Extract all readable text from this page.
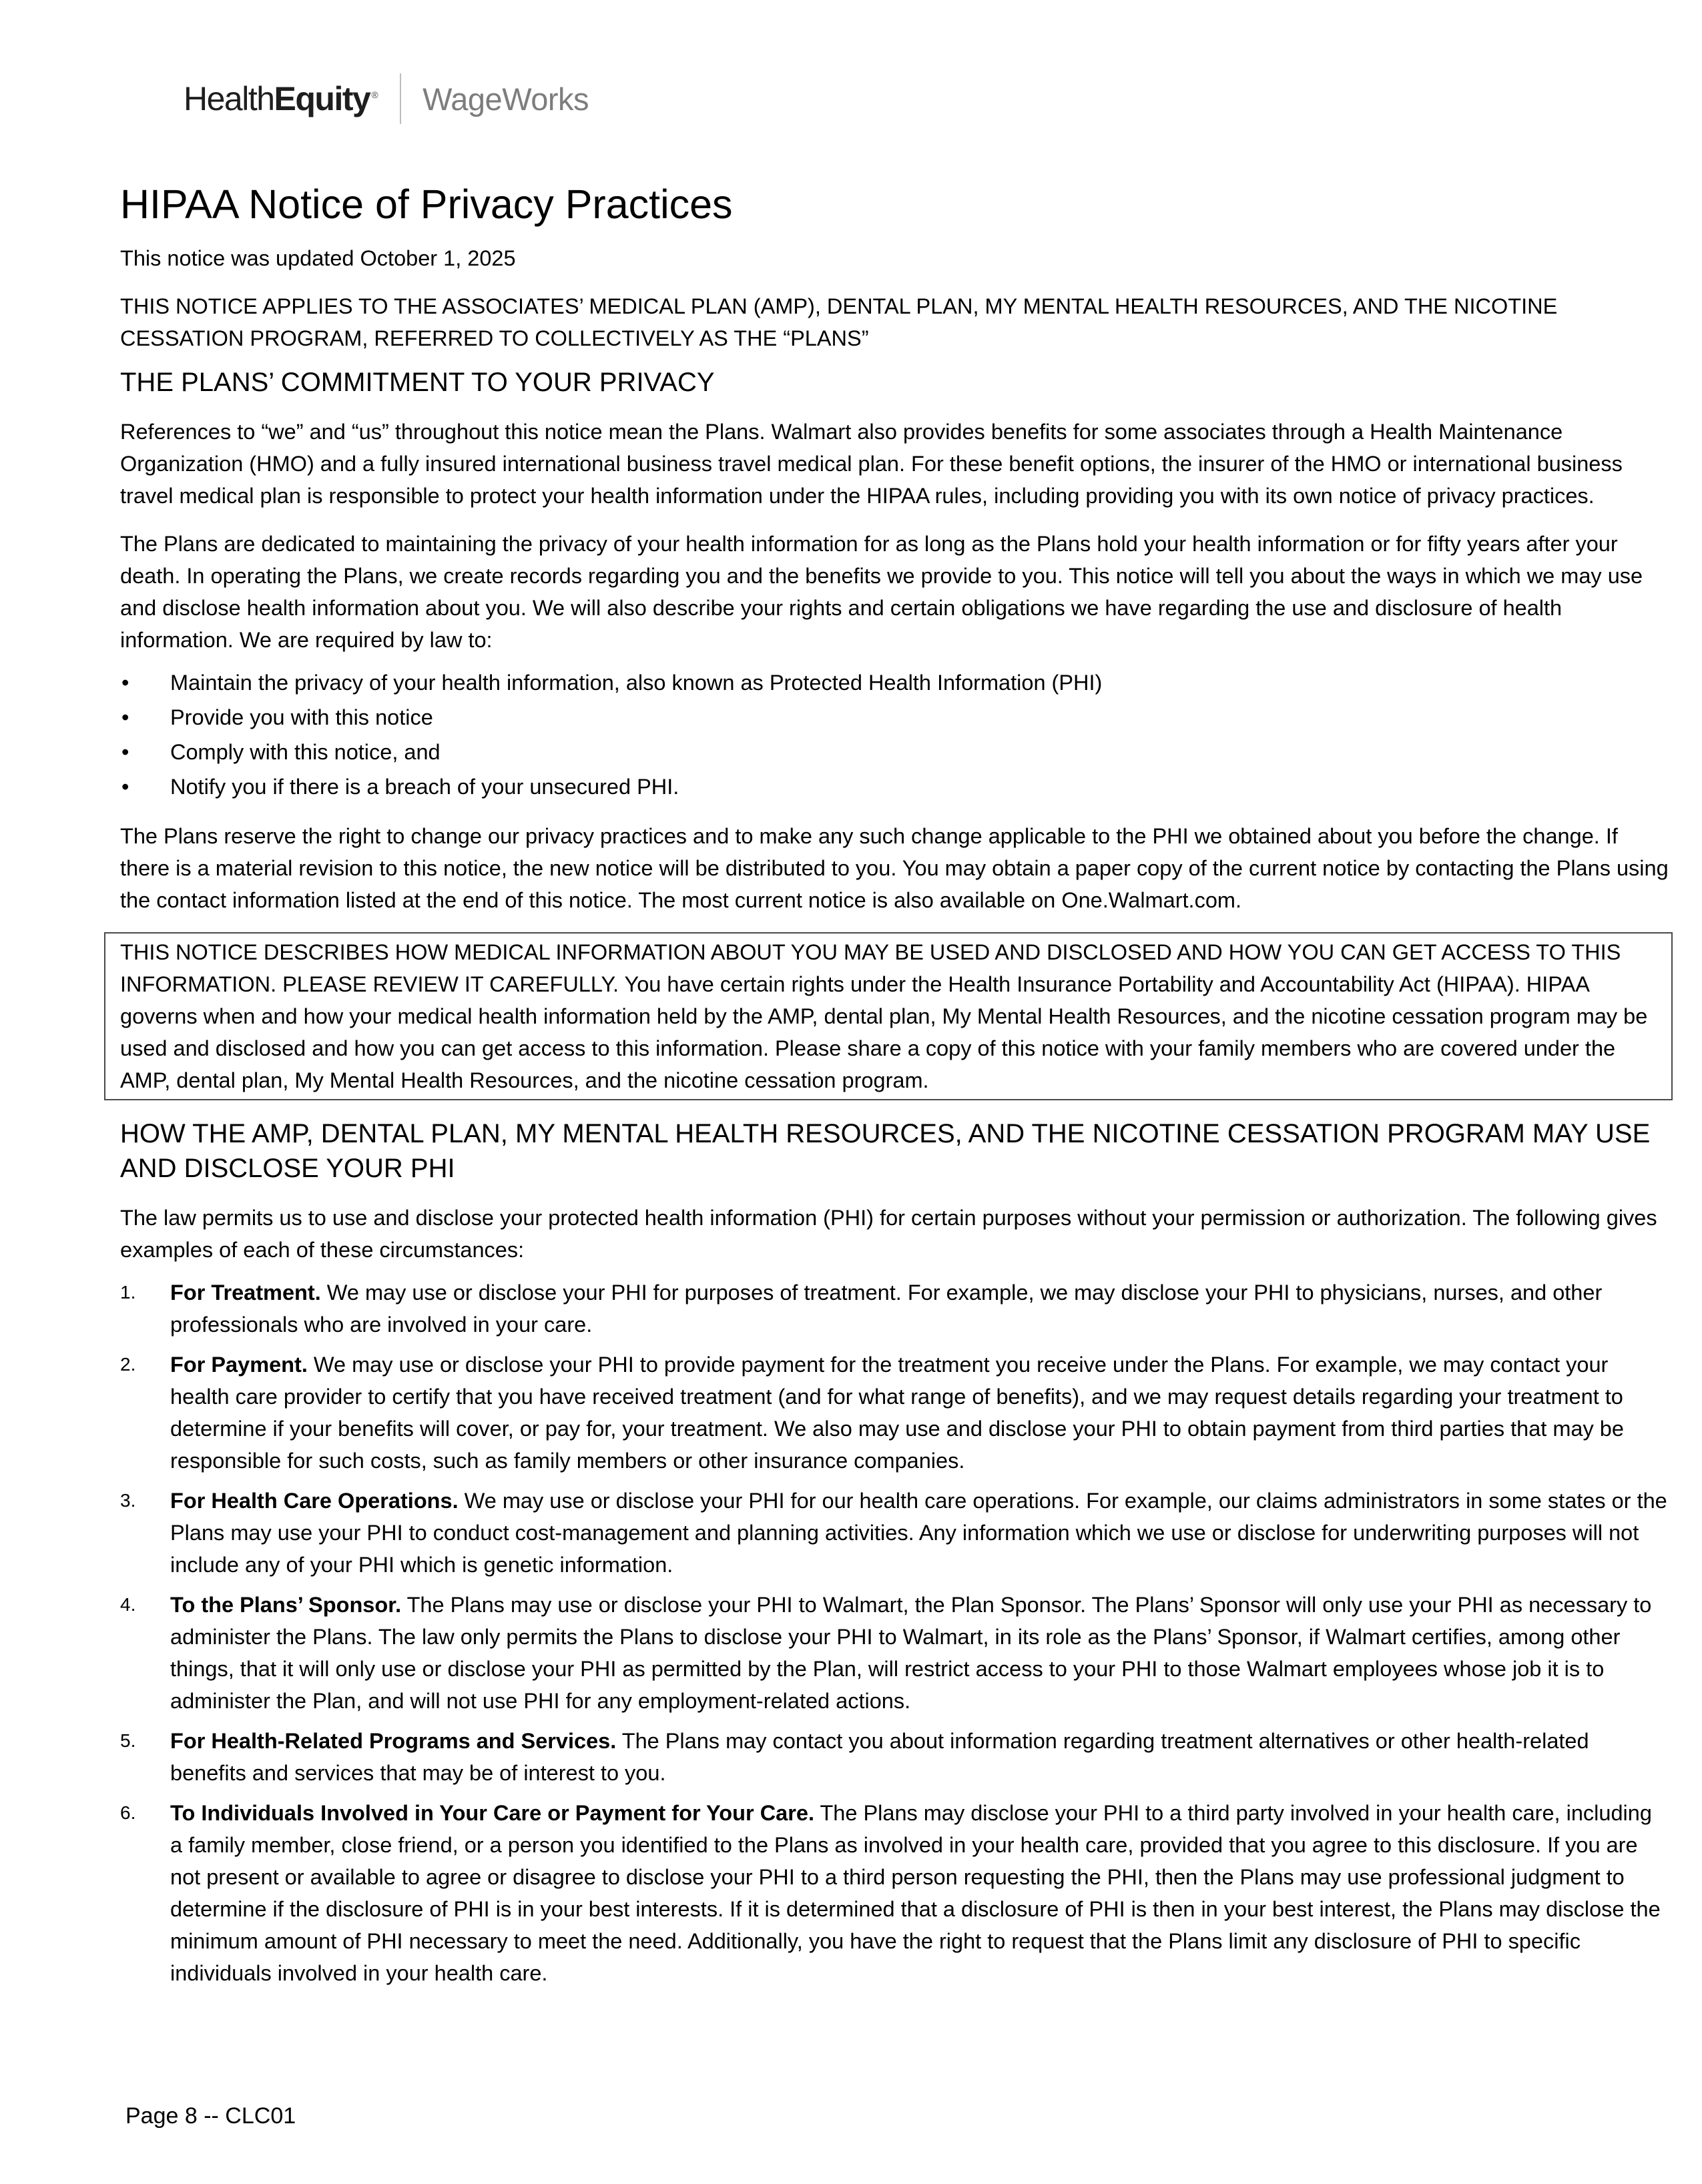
HealthEquity ® WageWorks
HIPAA Notice of Privacy Practices

This notice was updated October 1, 2025

THIS NOTICE APPLIES TO THE ASSOCIATES’ MEDICAL PLAN (AMP), DENTAL PLAN, MY MENTAL HEALTH RESOURCES, AND THE NICOTINE CESSATION PROGRAM, REFERRED TO COLLECTIVELY AS THE “PLANS”

THE PLANS’ COMMITMENT TO YOUR PRIVACY

References to “we” and “us” throughout this notice mean the Plans. Walmart also provides benefits for some associates through a Health Maintenance Organization (HMO) and a fully insured international business travel medical plan. For these benefit options, the insurer of the HMO or international business travel medical plan is responsible to protect your health information under the HIPAA rules, including providing you with its own notice of privacy practices.

The Plans are dedicated to maintaining the privacy of your health information for as long as the Plans hold your health information or for fifty years after your death. In operating the Plans, we create records regarding you and the benefits we provide to you. This notice will tell you about the ways in which we may use and disclose health information about you. We will also describe your rights and certain obligations we have regarding the use and disclosure of health information. We are required by law to:

• Maintain the privacy of your health information, also known as Protected Health Information (PHI)
• Provide you with this notice
• Comply with this notice, and
• Notify you if there is a breach of your unsecured PHI.

The Plans reserve the right to change our privacy practices and to make any such change applicable to the PHI we obtained about you before the change. If there is a material revision to this notice, the new notice will be distributed to you. You may obtain a paper copy of the current notice by contacting the Plans using the contact information listed at the end of this notice. The most current notice is also available on One.Walmart.com.

THIS NOTICE DESCRIBES HOW MEDICAL INFORMATION ABOUT YOU MAY BE USED AND DISCLOSED AND HOW YOU CAN GET ACCESS TO THIS INFORMATION. PLEASE REVIEW IT CAREFULLY. You have certain rights under the Health Insurance Portability and Accountability Act (HIPAA). HIPAA governs when and how your medical health information held by the AMP, dental plan, My Mental Health Resources, and the nicotine cessation program may be used and disclosed and how you can get access to this information. Please share a copy of this notice with your family members who are covered under the AMP, dental plan, My Mental Health Resources, and the nicotine cessation program.

HOW THE AMP, DENTAL PLAN, MY MENTAL HEALTH RESOURCES, AND THE NICOTINE CESSATION PROGRAM MAY USE AND DISCLOSE YOUR PHI

The law permits us to use and disclose your protected health information (PHI) for certain purposes without your permission or authorization. The following gives examples of each of these circumstances:

1. For Treatment. We may use or disclose your PHI for purposes of treatment. For example, we may disclose your PHI to physicians, nurses, and other professionals who are involved in your care.
2. For Payment. We may use or disclose your PHI to provide payment for the treatment you receive under the Plans. For example, we may contact your health care provider to certify that you have received treatment (and for what range of benefits), and we may request details regarding your treatment to determine if your benefits will cover, or pay for, your treatment. We also may use and disclose your PHI to obtain payment from third parties that may be responsible for such costs, such as family members or other insurance companies.
3. For Health Care Operations. We may use or disclose your PHI for our health care operations. For example, our claims administrators in some states or the Plans may use your PHI to conduct cost-management and planning activities. Any information which we use or disclose for underwriting purposes will not include any of your PHI which is genetic information.
4. To the Plans’ Sponsor. The Plans may use or disclose your PHI to Walmart, the Plan Sponsor. The Plans’ Sponsor will only use your PHI as necessary to administer the Plans. The law only permits the Plans to disclose your PHI to Walmart, in its role as the Plans’ Sponsor, if Walmart certifies, among other things, that it will only use or disclose your PHI as permitted by the Plan, will restrict access to your PHI to those Walmart employees whose job it is to administer the Plan, and will not use PHI for any employment-related actions.
5. For Health-Related Programs and Services. The Plans may contact you about information regarding treatment alternatives or other health-related benefits and services that may be of interest to you.
6. To Individuals Involved in Your Care or Payment for Your Care. The Plans may disclose your PHI to a third party involved in your health care, including a family member, close friend, or a person you identified to the Plans as involved in your health care, provided that you agree to this disclosure. If you are not present or available to agree or disagree to disclose your PHI to a third person requesting the PHI, then the Plans may use professional judgment to determine if the disclosure of PHI is in your best interests. If it is determined that a disclosure of PHI is then in your best interest, the Plans may disclose the minimum amount of PHI necessary to meet the need. Additionally, you have the right to request that the Plans limit any disclosure of PHI to specific individuals involved in your health care.
Page 8 -- CLC01
